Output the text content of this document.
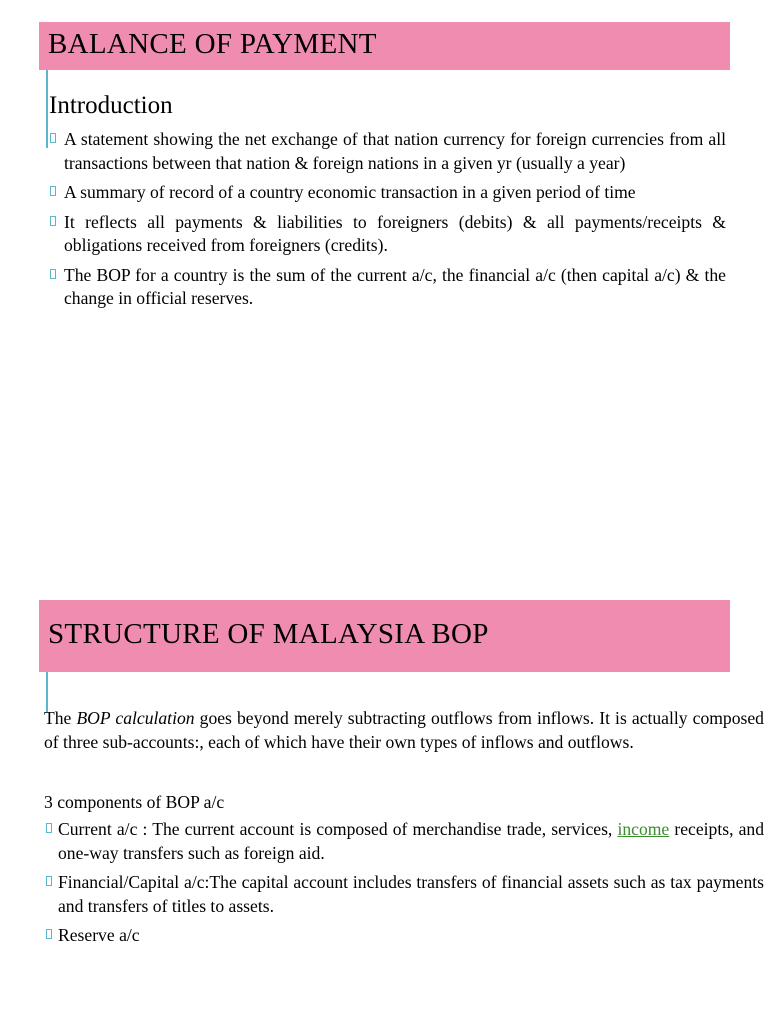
BALANCE OF PAYMENT
Introduction
A statement showing the net exchange of that nation currency for foreign currencies from all transactions between that nation & foreign nations in a given yr (usually a year)
A summary of record of a country economic transaction in a given period of time
It reflects all payments & liabilities to foreigners (debits) & all payments/receipts & obligations received from foreigners (credits).
The BOP for a country is the sum of the current a/c, the financial a/c (then capital a/c) & the change in official reserves.
STRUCTURE OF MALAYSIA BOP
The BOP calculation goes beyond merely subtracting outflows from inflows. It is actually composed of three sub-accounts:, each of which have their own types of inflows and outflows.
3 components of BOP a/c
Current a/c : The current account is composed of merchandise trade, services, income receipts, and one-way transfers such as foreign aid.
Financial/Capital a/c:The capital account includes transfers of financial assets such as tax payments and transfers of titles to assets.
Reserve a/c
